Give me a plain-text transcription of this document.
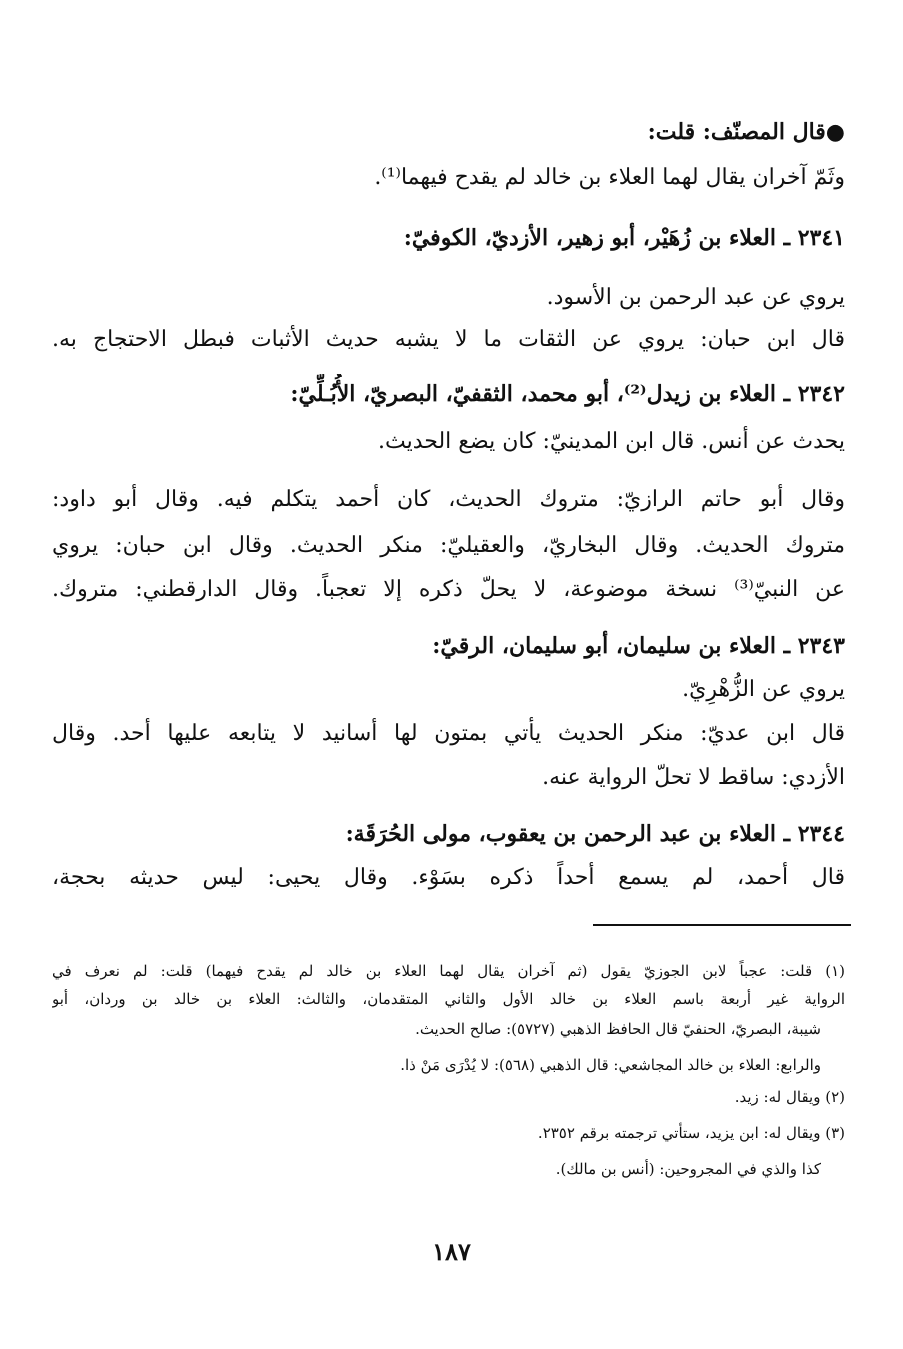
●قال المصنّف: قلت:
وثَمّ آخران يقال لهما العلاء بن خالد لم يقدح فيهما⁽¹⁾.
٢٣٤١ ـ العلاء بن زُهَيْر، أبو زهير، الأزديّ، الكوفيّ:
يروي عن عبد الرحمن بن الأسود.
قال ابن حبان: يروي عن الثقات ما لا يشبه حديث الأثبات فبطل الاحتجاج به.
٢٣٤٢ ـ العلاء بن زيدل⁽²⁾، أبو محمد، الثقفيّ، البصريّ، الأُبُـلِّيّ:
يحدث عن أنس. قال ابن المدينيّ: كان يضع الحديث.
وقال أبو حاتم الرازيّ: متروك الحديث، كان أحمد يتكلم فيه. وقال أبو داود:
متروك الحديث. وقال البخاريّ، والعقيليّ: منكر الحديث. وقال ابن حبان: يروي
عن النبيّ⁽³⁾ نسخة موضوعة، لا يحلّ ذكره إلا تعجباً. وقال الدارقطني: متروك.
٢٣٤٣ ـ العلاء بن سليمان، أبو سليمان، الرقيّ:
يروي عن الزُّهْرِيّ.
قال ابن عديّ: منكر الحديث يأتي بمتون لها أسانيد لا يتابعه عليها أحد. وقال
الأزدي: ساقط لا تحلّ الرواية عنه.
٢٣٤٤ ـ العلاء بن عبد الرحمن بن يعقوب، مولى الحُرَقَة:
قال أحمد، لم يسمع أحداً ذكره بسَوْء. وقال يحيى: ليس حديثه بحجة،
(١) قلت: عجباً لابن الجوزيّ يقول (ثم آخران يقال لهما العلاء بن خالد لم يقدح فيهما) قلت: لم نعرف في
الرواية غير أربعة باسم العلاء بن خالد الأول والثاني المتقدمان، والثالث: العلاء بن خالد بن وردان، أبو
شيبة، البصريّ، الحنفيّ قال الحافظ الذهبي (٥٧٢٧): صالح الحديث.
والرابع: العلاء بن خالد المجاشعي: قال الذهبي (٥٦٨): لا يُدْرَى مَنْ ذا.
(٢) ويقال له: زيد.
(٣) ويقال له: ابن يزيد، ستأتي ترجمته برقم ٢٣٥٢.
كذا والذي في المجروحين: (أنس بن مالك).
١٨٧
